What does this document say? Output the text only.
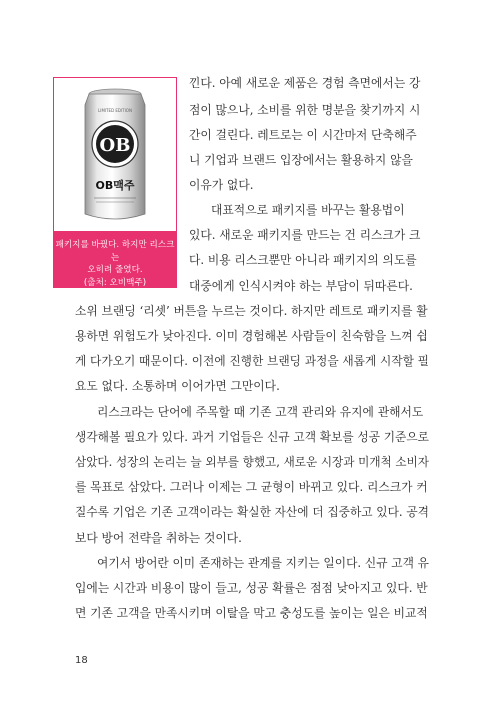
LIMITED EDITION
OB
OB맥주
패키지를 바꿨다. 하지만 리스크는
오히려 줄였다.
(출처: 오비맥주)
낀다. 아예 새로운 제품은 경험 측면에서는 강
점이 많으나, 소비를 위한 명분을 찾기까지 시
간이 걸린다. 레트로는 이 시간마저 단축해주
니 기업과 브랜드 입장에서는 활용하지 않을
이유가 없다.
대표적으로 패키지를 바꾸는 활용법이
있다. 새로운 패키지를 만드는 건 리스크가 크
다. 비용 리스크뿐만 아니라 패키지의 의도를
대중에게 인식시켜야 하는 부담이 뒤따른다.
소위 브랜딩 ‘리셋’ 버튼을 누르는 것이다. 하지만 레트로 패키지를 활
용하면 위험도가 낮아진다. 이미 경험해본 사람들이 친숙함을 느껴 쉽
게 다가오기 때문이다. 이전에 진행한 브랜딩 과정을 새롭게 시작할 필
요도 없다. 소통하며 이어가면 그만이다.
리스크라는 단어에 주목할 때 기존 고객 관리와 유지에 관해서도
생각해볼 필요가 있다. 과거 기업들은 신규 고객 확보를 성공 기준으로
삼았다. 성장의 논리는 늘 외부를 향했고, 새로운 시장과 미개척 소비자
를 목표로 삼았다. 그러나 이제는 그 균형이 바뀌고 있다. 리스크가 커
질수록 기업은 기존 고객이라는 확실한 자산에 더 집중하고 있다. 공격
보다 방어 전략을 취하는 것이다.
여기서 방어란 이미 존재하는 관계를 지키는 일이다. 신규 고객 유
입에는 시간과 비용이 많이 들고, 성공 확률은 점점 낮아지고 있다. 반
면 기존 고객을 만족시키며 이탈을 막고 충성도를 높이는 일은 비교적
18
